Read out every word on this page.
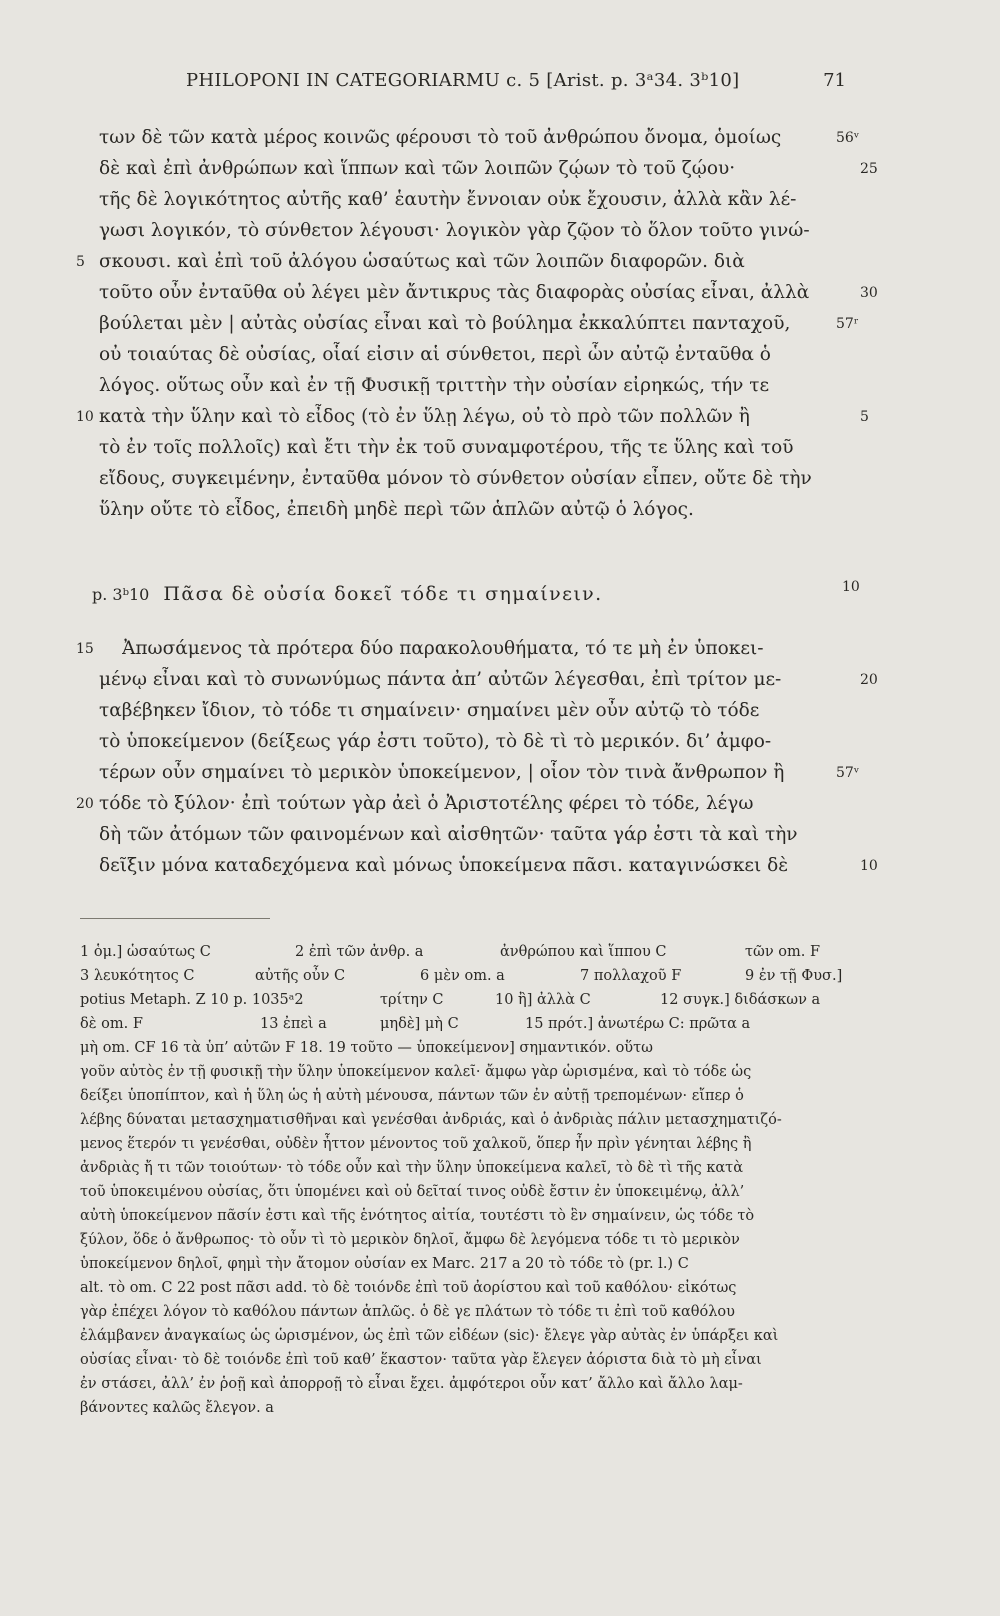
PHILOPONI IN CATEGORIARMU c. 5 [Arist. p. 3ᵃ34. 3ᵇ10]	71
των δὲ τῶν κατὰ μέρος κοινῶς φέρουσι τὸ τοῦ ἀνθρώπου ὄνομα, ὁμοίως
δὲ καὶ ἐπὶ ἀνθρώπων καὶ ἵππων καὶ τῶν λοιπῶν ζῴων τὸ τοῦ ζῴου·
τῆς δὲ λογικότητος αὐτῆς καθ’ ἑαυτὴν ἔννοιαν οὐκ ἔχουσιν, ἀλλὰ κἂν λέ-
γωσι λογικόν, τὸ σύνθετον λέγουσι· λογικὸν γὰρ ζῷον τὸ ὅλον τοῦτο γινώ-
σκουσι. καὶ ἐπὶ τοῦ ἀλόγου ὡσαύτως καὶ τῶν λοιπῶν διαφορῶν. διὰ
τοῦτο οὖν ἐνταῦθα οὐ λέγει μὲν ἄντικρυς τὰς διαφορὰς οὐσίας εἶναι, ἀλλὰ
βούλεται μὲν | αὐτὰς οὐσίας εἶναι καὶ τὸ βούλημα ἐκκαλύπτει πανταχοῦ,
οὐ τοιαύτας δὲ οὐσίας, οἷαί εἰσιν αἱ σύνθετοι, περὶ ὧν αὐτῷ ἐνταῦθα ὁ
λόγος. οὕτως οὖν καὶ ἐν τῇ Φυσικῇ τριττὴν τὴν οὐσίαν εἰρηκώς, τήν τε
κατὰ τὴν ὕλην καὶ τὸ εἶδος (τὸ ἐν ὕλῃ λέγω, οὐ τὸ πρὸ τῶν πολλῶν ἢ
τὸ ἐν τοῖς πολλοῖς) καὶ ἔτι τὴν ἐκ τοῦ συναμφοτέρου, τῆς τε ὕλης καὶ τοῦ
εἴδους, συγκειμένην, ἐνταῦθα μόνον τὸ σύνθετον οὐσίαν εἶπεν, οὔτε δὲ τὴν
ὕλην οὔτε τὸ εἶδος, ἐπειδὴ μηδὲ περὶ τῶν ἁπλῶν αὐτῷ ὁ λόγος.
5
10
56ᵛ
25
30
57ʳ
5
p. 3ᵇ10 Πᾶσα δὲ οὐσία δοκεῖ τόδε τι σημαίνειν.	10
Ἀπωσάμενος τὰ πρότερα δύο παρακολουθήματα, τό τε μὴ ἐν ὑποκει-
μένῳ εἶναι καὶ τὸ συνωνύμως πάντα ἀπ’ αὐτῶν λέγεσθαι, ἐπὶ τρίτον με-
ταβέβηκεν ἴδιον, τὸ τόδε τι σημαίνειν· σημαίνει μὲν οὖν αὐτῷ τὸ τόδε
τὸ ὑποκείμενον (δείξεως γάρ ἐστι τοῦτο), τὸ δὲ τὶ τὸ μερικόν. δι’ ἀμφο-
τέρων οὖν σημαίνει τὸ μερικὸν ὑποκείμενον, | οἷον τὸν τινὰ ἄνθρωπον ἢ
τόδε τὸ ξύλον· ἐπὶ τούτων γὰρ ἀεὶ ὁ Ἀριστοτέλης φέρει τὸ τόδε, λέγω
δὴ τῶν ἀτόμων τῶν φαινομένων καὶ αἰσθητῶν· ταῦτα γάρ ἐστι τὰ καὶ τὴν
δεῖξιν μόνα καταδεχόμενα καὶ μόνως ὑποκείμενα πᾶσι. καταγινώσκει δὲ
15
20
20
57ᵛ
10
1 ὁμ.] ὡσαύτως C	2 ἐπὶ τῶν ἀνθρ. a	ἀνθρώπου καὶ ἵππου C	τῶν om. F
3 λευκότητος C	αὐτῆς οὖν C	6 μὲν om. a	7 πολλαχοῦ F	9 ἐν τῇ Φυσ.]
potius Metaph. Z 10 p. 1035ᵃ2	τρίτην C	10 ἢ] ἀλλὰ C	12 συγκ.] διδάσκων a
δὲ om. F	13 ἐπεὶ a	μηδὲ] μὴ C	15 πρότ.] ἀνωτέρω C: πρῶτα a
μὴ om. CF 16 τὰ ὑπ’ αὐτῶν F 18. 19 τοῦτο — ὑποκείμενον] σημαντικόν. οὕτω
γοῦν αὐτὸς ἐν τῇ φυσικῇ τὴν ὕλην ὑποκείμενον καλεῖ· ἄμφω γὰρ ὡρισμένα, καὶ τὸ τόδε ὡς
δείξει ὑποπίπτον, καὶ ἡ ὕλη ὡς ἡ αὐτὴ μένουσα, πάντων τῶν ἐν αὐτῇ τρεπομένων· εἴπερ ὁ
λέβης δύναται μετασχηματισθῆναι καὶ γενέσθαι ἀνδριάς, καὶ ὁ ἀνδριὰς πάλιν μετασχηματιζό-
μενος ἕτερόν τι γενέσθαι, οὐδὲν ἧττον μένοντος τοῦ χαλκοῦ, ὅπερ ἦν πρὶν γένηται λέβης ἢ
ἀνδριὰς ἤ τι τῶν τοιούτων· τὸ τόδε οὖν καὶ τὴν ὕλην ὑποκείμενα καλεῖ, τὸ δὲ τὶ τῆς κατὰ
τοῦ ὑποκειμένου οὐσίας, ὅτι ὑπομένει καὶ οὐ δεῖταί τινος οὐδὲ ἔστιν ἐν ὑποκειμένῳ, ἀλλ’
αὐτὴ ὑποκείμενον πᾶσίν ἐστι καὶ τῆς ἑνότητος αἰτία, τουτέστι τὸ ἓν σημαίνειν, ὡς τόδε τὸ
ξύλον, ὅδε ὁ ἄνθρωπος· τὸ οὖν τὶ τὸ μερικὸν δηλοῖ, ἄμφω δὲ λεγόμενα τόδε τι τὸ μερικὸν
ὑποκείμενον δηλοῖ, φημὶ τὴν ἄτομον οὐσίαν ex Marc. 217 a 20 τὸ τόδε τὸ (pr. l.) C
alt. τὸ om. C 22 post πᾶσι add. τὸ δὲ τοιόνδε ἐπὶ τοῦ ἀορίστου καὶ τοῦ καθόλου· εἰκότως
γὰρ ἐπέχει λόγον τὸ καθόλου πάντων ἁπλῶς. ὁ δὲ γε πλάτων τὸ τόδε τι ἐπὶ τοῦ καθόλου
ἐλάμβανεν ἀναγκαίως ὡς ὡρισμένον, ὡς ἐπὶ τῶν εἰδέων (sic)· ἔλεγε γὰρ αὐτὰς ἐν ὑπάρξει καὶ
οὐσίας εἶναι· τὸ δὲ τοιόνδε ἐπὶ τοῦ καθ’ ἕκαστον· ταῦτα γὰρ ἔλεγεν ἀόριστα διὰ τὸ μὴ εἶναι
ἐν στάσει, ἀλλ’ ἐν ῥοῇ καὶ ἀπορροῇ τὸ εἶναι ἔχει. ἀμφότεροι οὖν κατ’ ἄλλο καὶ ἄλλο λαμ-
βάνοντες καλῶς ἔλεγον. a
